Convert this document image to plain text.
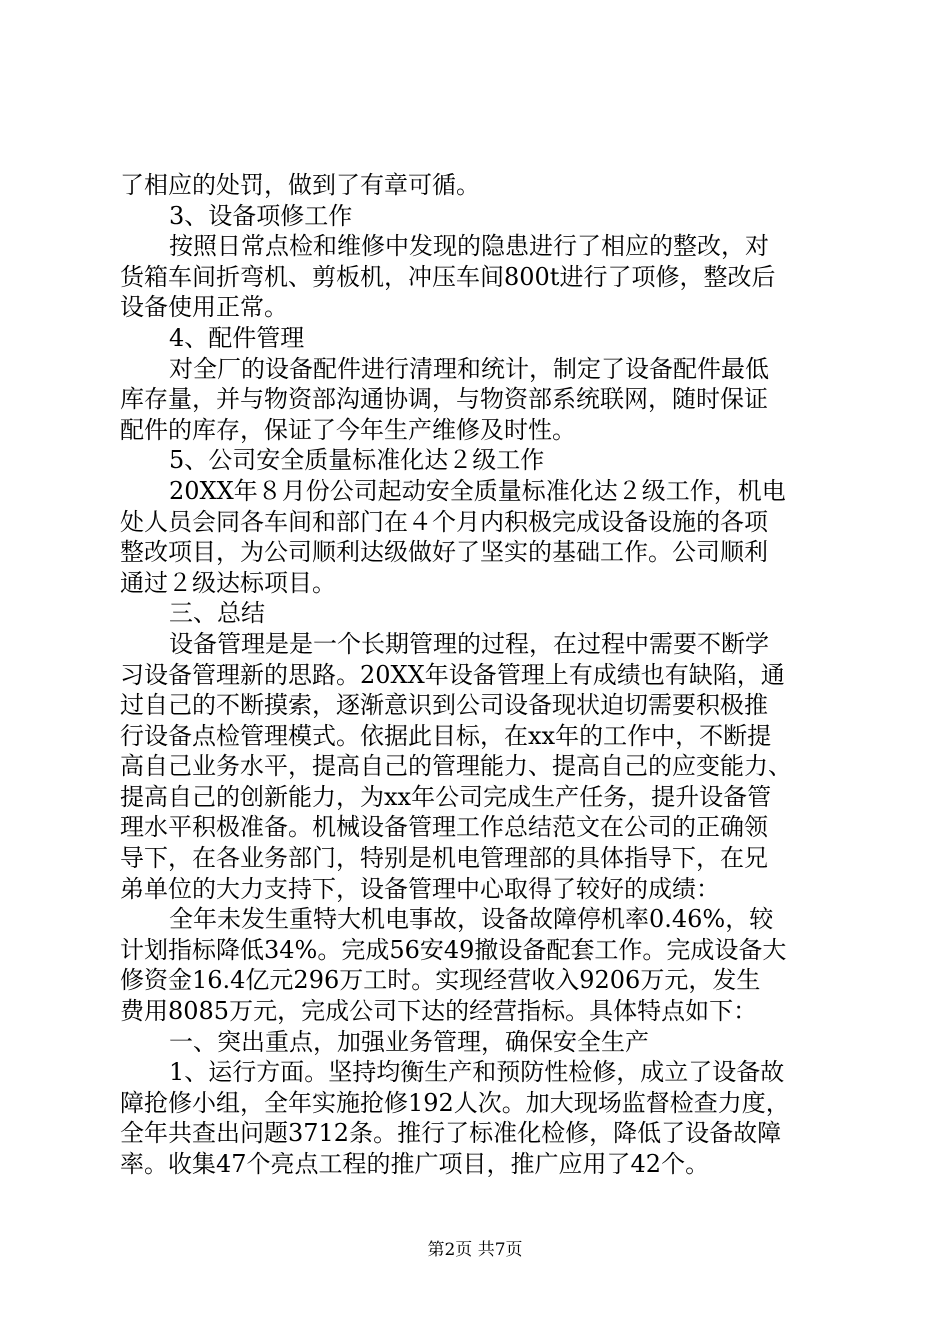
了相应的处罚，做到了有章可循。
3、设备项修工作
按照日常点检和维修中发现的隐患进行了相应的整改，对
货箱车间折弯机、剪板机，冲压车间800t进行了项修，整改后
设备使用正常。
4、配件管理
对全厂的设备配件进行清理和统计，制定了设备配件最低
库存量，并与物资部沟通协调，与物资部系统联网，随时保证
配件的库存，保证了今年生产维修及时性。
5、公司安全质量标准化达２级工作
20XX年８月份公司起动安全质量标准化达２级工作，机电
处人员会同各车间和部门在４个月内积极完成设备设施的各项
整改项目，为公司顺利达级做好了坚实的基础工作。公司顺利
通过２级达标项目。
三、总结
设备管理是是一个长期管理的过程，在过程中需要不断学
习设备管理新的思路。20XX年设备管理上有成绩也有缺陷，通
过自己的不断摸索，逐渐意识到公司设备现状迫切需要积极推
行设备点检管理模式。依据此目标，在xx年的工作中，不断提
高自己业务水平，提高自己的管理能力、提高自己的应变能力、
提高自己的创新能力，为xx年公司完成生产任务，提升设备管
理水平积极准备。机械设备管理工作总结范文在公司的正确领
导下，在各业务部门，特别是机电管理部的具体指导下，在兄
弟单位的大力支持下，设备管理中心取得了较好的成绩：
全年未发生重特大机电事故，设备故障停机率0.46%，较
计划指标降低34%。完成56安49撤设备配套工作。完成设备大
修资金16.4亿元296万工时。实现经营收入9206万元，发生
费用8085万元，完成公司下达的经营指标。具体特点如下：
一、突出重点，加强业务管理，确保安全生产
1、运行方面。坚持均衡生产和预防性检修，成立了设备故
障抢修小组，全年实施抢修192人次。加大现场监督检查力度，
全年共查出问题3712条。推行了标准化检修，降低了设备故障
率。收集47个亮点工程的推广项目，推广应用了42个。
第2页 共7页
